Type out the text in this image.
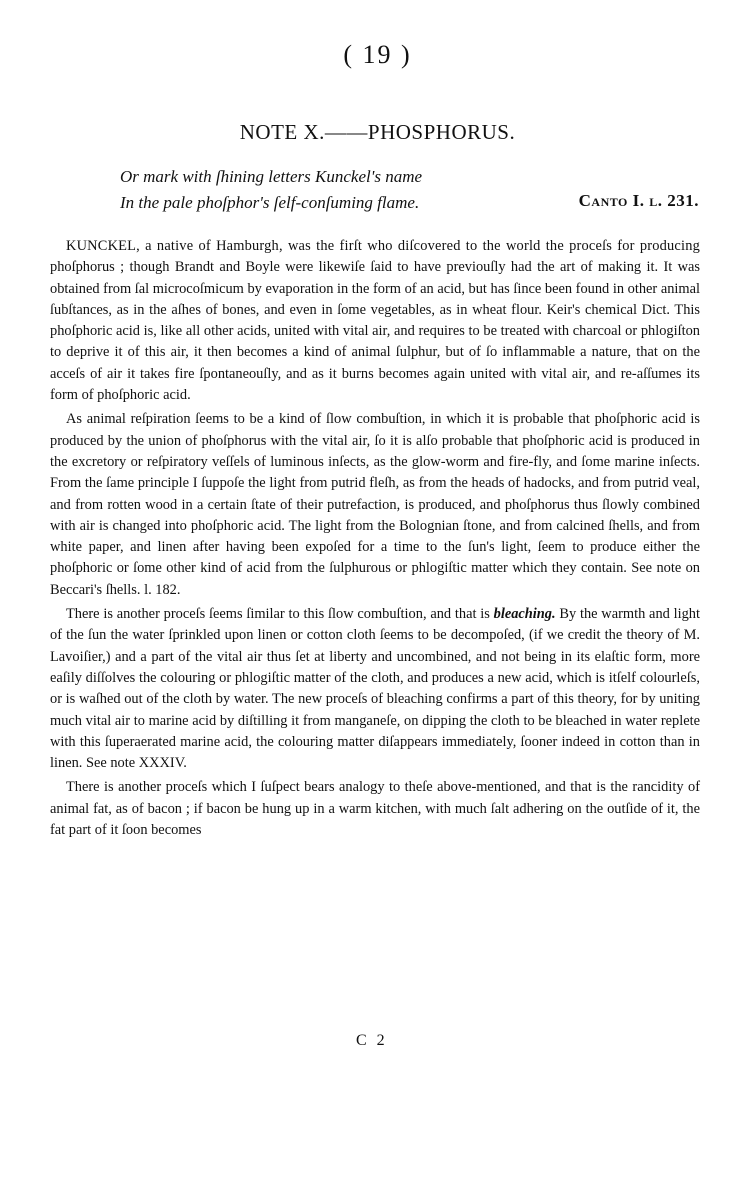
( 19 )
NOTE X.——PHOSPHORUS.
Or mark with ſhining letters Kunckel's name
In the pale phoſphor's ſelf-conſuming flame.	Canto I. l. 231.

KUNCKEL, a native of Hamburgh, was the firſt who diſcovered to the world the proceſs for producing phoſphorus ; though Brandt and Boyle were likewiſe ſaid to have previouſly had the art of making it. It was obtained from ſal microcoſmicum by evaporation in the form of an acid, but has ſince been found in other animal ſubſtances, as in the aſhes of bones, and even in ſome vegetables, as in wheat flour. Keir's chemical Dict. This phoſphoric acid is, like all other acids, united with vital air, and requires to be treated with charcoal or phlogiſton to deprive it of this air, it then becomes a kind of animal ſulphur, but of ſo inflammable a nature, that on the acceſs of air it takes fire ſpontaneouſly, and as it burns becomes again united with vital air, and re-aſſumes its form of phoſphoric acid.

As animal reſpiration ſeems to be a kind of ſlow combuſtion, in which it is probable that phoſphoric acid is produced by the union of phoſphorus with the vital air, ſo it is alſo probable that phoſphoric acid is produced in the excretory or reſpiratory veſſels of luminous inſects, as the glow-worm and fire-fly, and ſome marine inſects. From the ſame principle I ſuppoſe the light from putrid fleſh, as from the heads of hadocks, and from putrid veal, and from rotten wood in a certain ſtate of their putrefaction, is produced, and phoſphorus thus ſlowly combined with air is changed into phoſphoric acid. The light from the Bolognian ſtone, and from calcined ſhells, and from white paper, and linen after having been expoſed for a time to the ſun's light, ſeem to produce either the phoſphoric or ſome other kind of acid from the ſulphurous or phlogiſtic matter which they contain. See note on Beccari's ſhells. l. 182.

There is another proceſs ſeems ſimilar to this ſlow combuſtion, and that is bleaching. By the warmth and light of the ſun the water ſprinkled upon linen or cotton cloth ſeems to be decompoſed, (if we credit the theory of M. Lavoiſier,) and a part of the vital air thus ſet at liberty and uncombined, and not being in its elaſtic form, more eaſily diſſolves the colouring or phlogiſtic matter of the cloth, and produces a new acid, which is itſelf colourleſs, or is waſhed out of the cloth by water. The new proceſs of bleaching confirms a part of this theory, for by uniting much vital air to marine acid by diſtilling it from manganeſe, on dipping the cloth to be bleached in water replete with this ſuperaerated marine acid, the colouring matter diſappears immediately, ſooner indeed in cotton than in linen. See note XXXIV.

There is another proceſs which I ſuſpect bears analogy to theſe above-mentioned, and that is the rancidity of animal fat, as of bacon ; if bacon be hung up in a warm kitchen, with much ſalt adhering on the outſide of it, the fat part of it ſoon becomes

C 2
